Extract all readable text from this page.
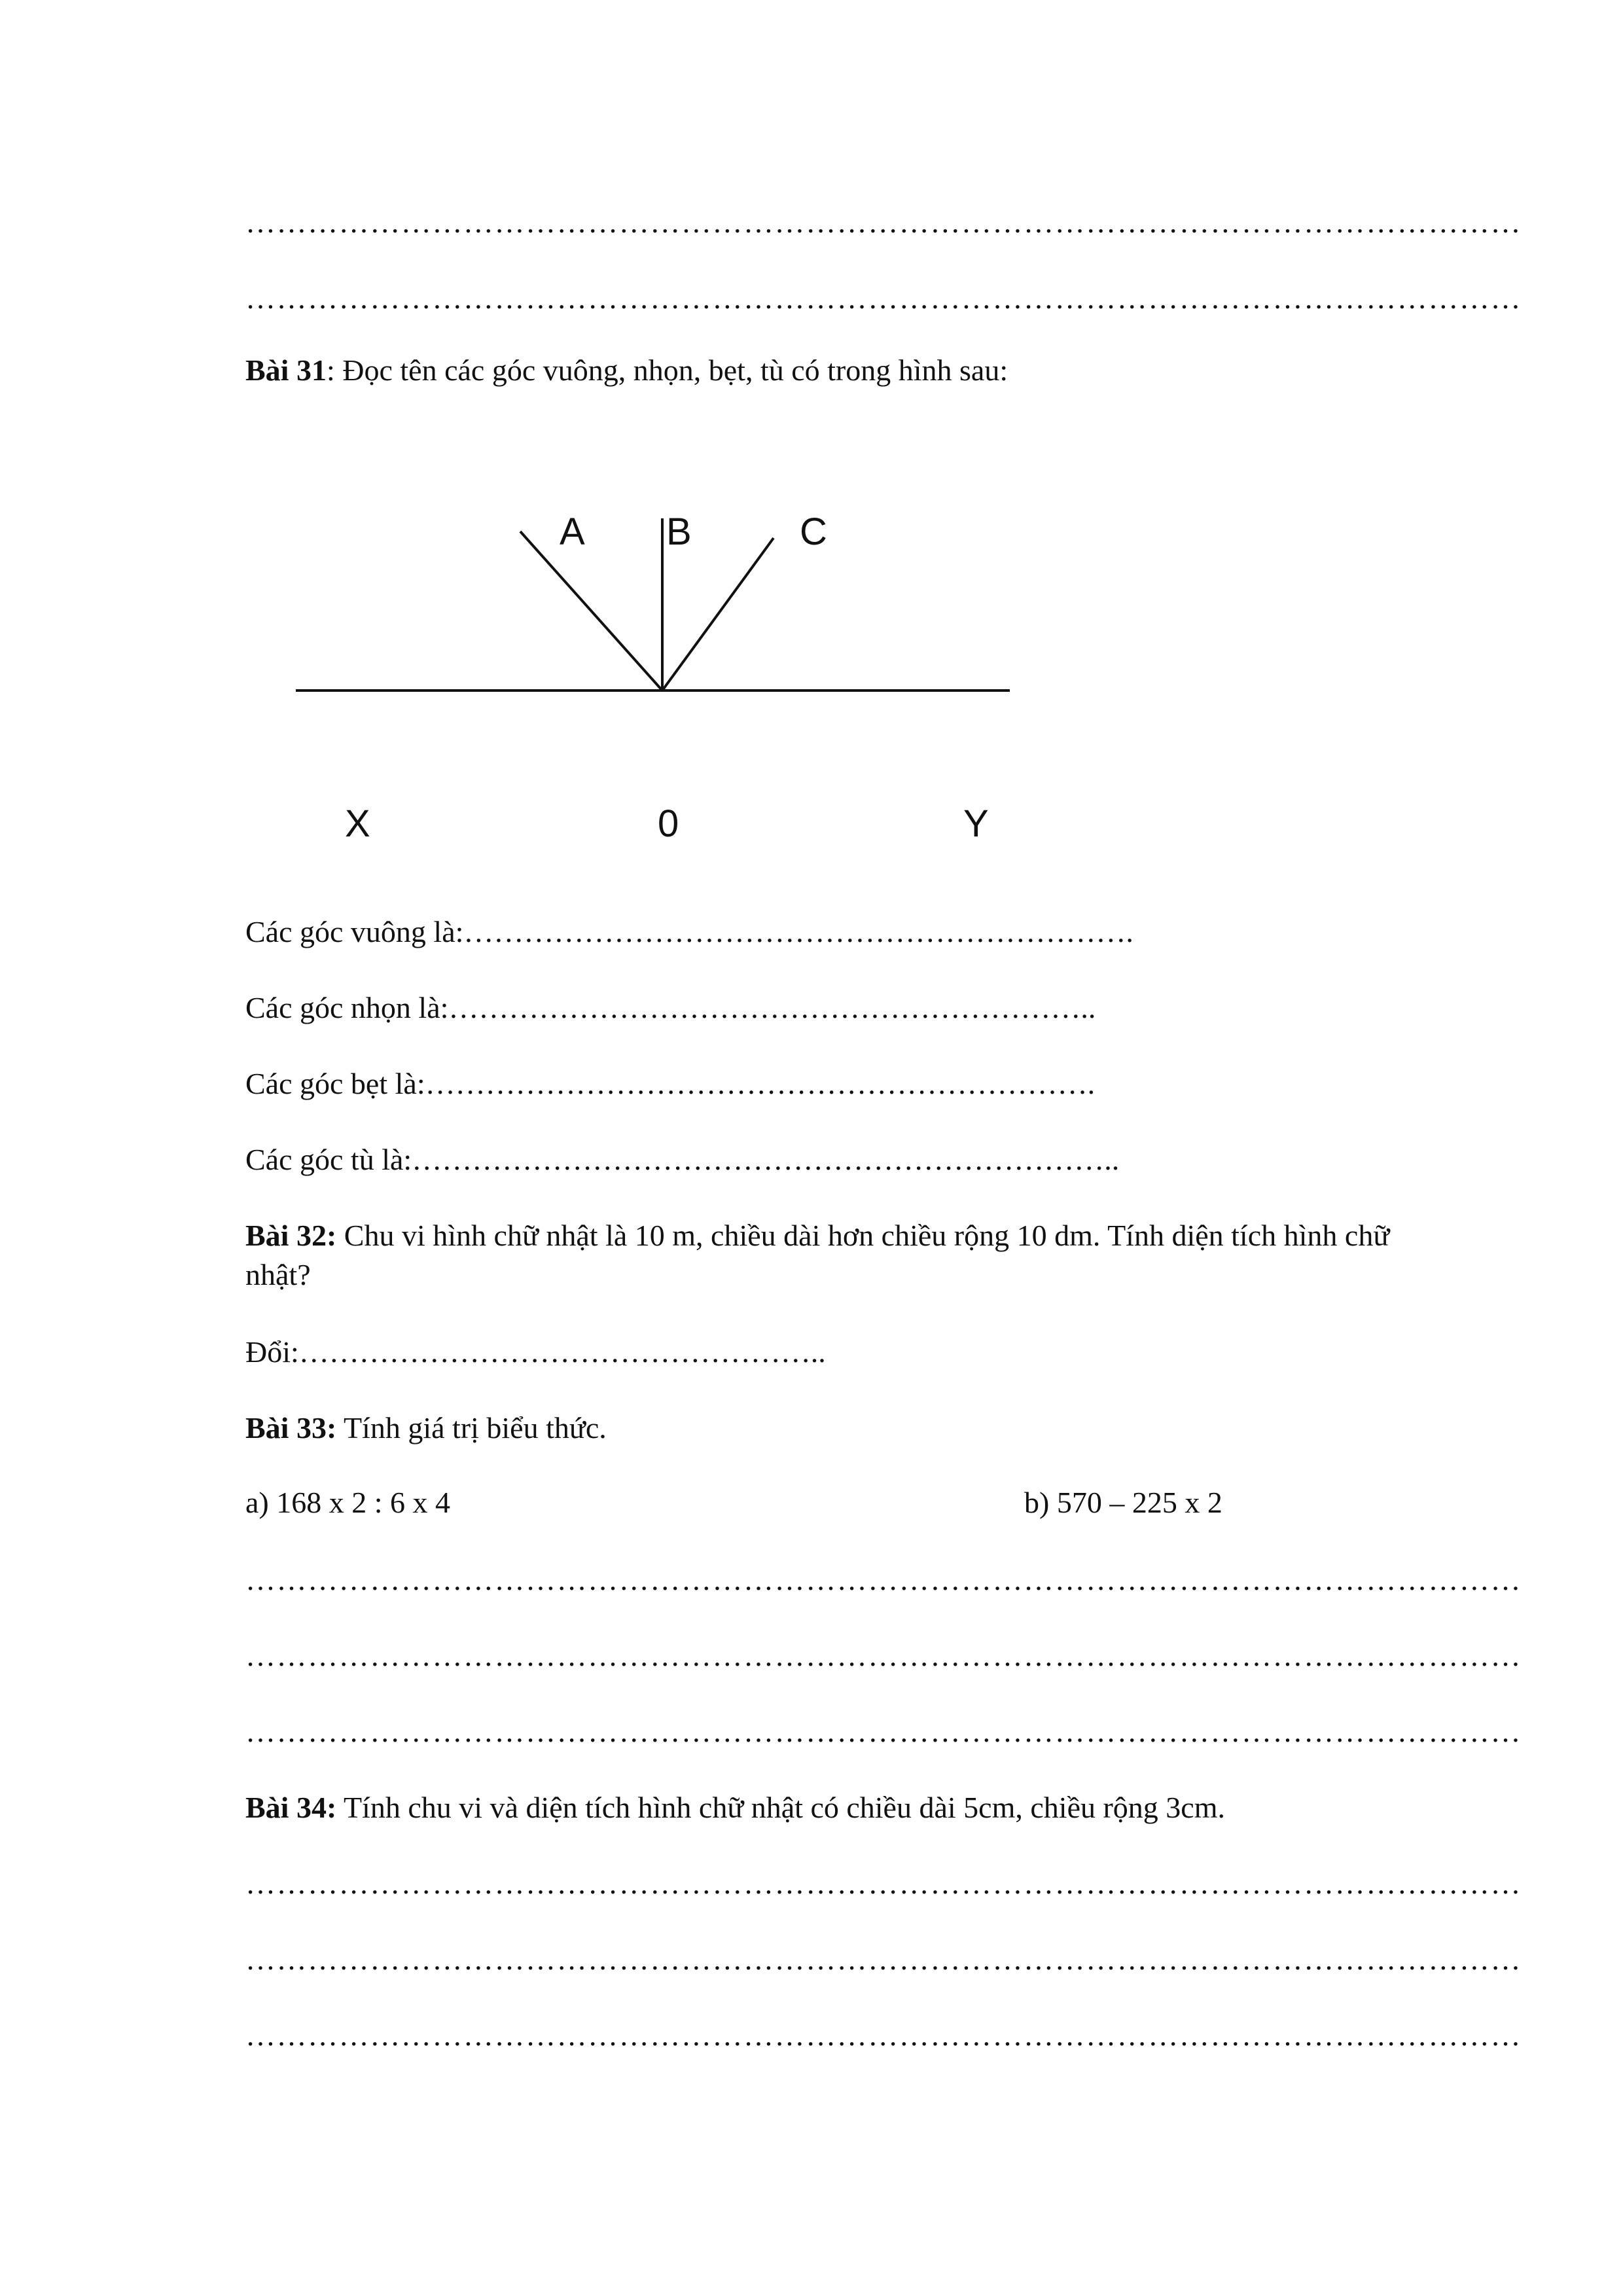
……………………………………………………………………………………………………………

……………………………………………………………………………………………………………

Bài 31: Đọc tên các góc vuông, nhọn, bẹt, tù có trong hình sau:

A B	C
X	0	Y

Các góc vuông là:………………………………………………………….

Các góc nhọn là:………………………………………………………..

Các góc bẹt là:………………………………………………………….

Các góc tù là:……………………………………………………………..

Bài 32: Chu vi hình chữ nhật là 10 m, chiều dài hơn chiều rộng 10 dm. Tính diện tích hình chữ

nhật?

Đổi:……………………………………………..

Bài 33: Tính giá trị biểu thức.

a) 168 x 2 : 6 x 4	b) 570 – 225 x 2

……………………………………………………………………………………………………………

……………………………………………………………………………………………………………

……………………………………………………………………………………………………………

Bài 34: Tính chu vi và diện tích hình chữ nhật có chiều dài 5cm, chiều rộng 3cm.

……………………………………………………………………………………………………………

……………………………………………………………………………………………………………

……………………………………………………………………………………………………………
